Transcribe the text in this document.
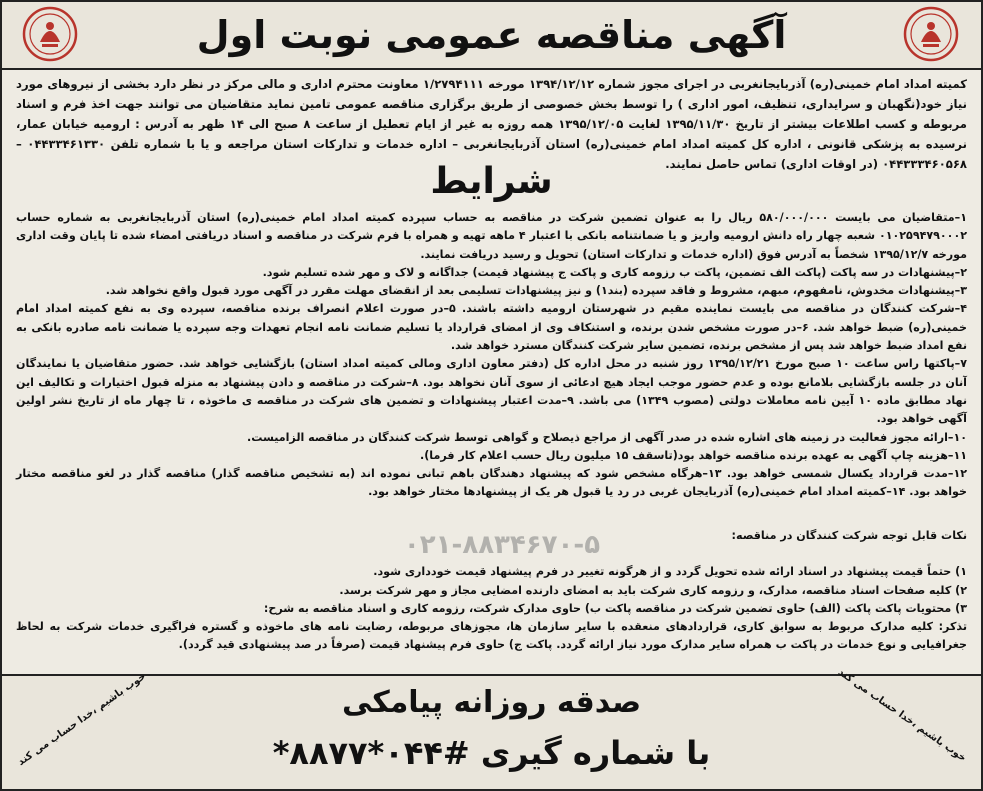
آگهی مناقصه عمومی نوبت اول
کمیته امداد امام خمینی(ره) آذربایجانغربی در اجرای مجوز شماره ۱۳۹۴/۱۲/۱۲ مورخه ۱/۲۷۹۴۱۱۱ معاونت محترم اداری و مالی مرکز در نظر دارد بخشی از نیروهای مورد نیاز خود(نگهبان و سرایداری، تنظیف، امور اداری ) را توسط بخش خصوصی از طریق برگزاری مناقصه عمومی تامین نماید متقاضیان می توانند جهت اخذ فرم و اسناد مربوطه و کسب اطلاعات بیشتر از تاریخ ۱۳۹۵/۱۱/۳۰ لغایت ۱۳۹۵/۱۲/۰۵ همه روزه به غیر از ایام تعطیل از ساعت ۸ صبح الی ۱۴ ظهر به آدرس : ارومیه خیابان عمار، نرسیده به پزشکی قانونی ، اداره کل کمیته امداد امام خمینی(ره) استان آذربایجانغربی – اداره خدمات و تدارکات استان مراجعه و یا با شماره تلفن ۰۴۴۳۳۴۶۱۳۳۰ – ۰۴۴۳۳۳۴۶۰۵۶۸ (در اوقات اداری) تماس حاصل نمایند.
شرایط

۱–متقاضیان می بایست ۵۸۰/۰۰۰/۰۰۰ ریال را به عنوان تضمین شرکت در مناقصه به حساب سپرده کمیته امداد امام خمینی(ره) استان آذربایجانغربی به شماره حساب ۰۱۰۲۵۹۴۷۹۰۰۰۲ شعبه چهار راه دانش ارومیه واریز و یا ضمانتنامه بانکی با اعتبار ۴ ماهه تهیه و همراه با فرم شرکت در مناقصه و اسناد دریافتی امضاء شده تا پایان وقت اداری مورخه ۱۳۹۵/۱۲/۷ شخصاً به آدرس فوق (اداره خدمات و تدارکات استان) تحویل و رسید دریافت نمایند.

۲–پیشنهادات در سه پاکت (پاکت الف تضمین، پاکت ب رزومه کاری و پاکت ج پیشنهاد قیمت) جداگانه و لاک و مهر شده تسلیم شود.

۳–پیشنهادات مخدوش، نامفهوم، مبهم، مشروط و فاقد سپرده (بند۱) و نیز پیشنهادات تسلیمی بعد از انقضای مهلت مقرر در آگهی مورد قبول واقع نخواهد شد.

۴–شرکت کنندگان در مناقصه می بایست نماینده مقیم در شهرستان ارومیه داشته باشند. ۵–در صورت اعلام انصراف برنده مناقصه، سپرده وی به نفع کمیته امداد امام خمینی(ره) ضبط خواهد شد. ۶–در صورت مشخص شدن برنده، و استنکاف وی از امضای قرارداد یا تسلیم ضمانت نامه انجام تعهدات وجه سپرده یا ضمانت نامه صادره بانکی به نفع امداد ضبط خواهد شد پس از مشخص برنده، تضمین سایر شرکت کنندگان مسترد خواهد شد.

۷–پاکتها راس ساعت ۱۰ صبح مورخ ۱۳۹۵/۱۲/۲۱ روز شنبه در محل اداره کل (دفتر معاون اداری ومالی کمیته امداد استان) بازگشایی خواهد شد. حضور متقاضیان یا نمایندگان آنان در جلسه بازگشایی بلامانع بوده و عدم حضور موجب ایجاد هیچ ادعائی از سوی آنان نخواهد بود. ۸–شرکت در مناقصه و دادن پیشنهاد به منزله قبول اختیارات و تکالیف این نهاد مطابق ماده ۱۰ آیین نامه معاملات دولتی (مصوب ۱۳۴۹) می باشد. ۹–مدت اعتبار پیشنهادات و تضمین های شرکت در مناقصه ی ماخوذه ، تا چهار ماه از تاریخ نشر اولین آگهی خواهد بود.

۱۰–ارائه مجوز فعالیت در زمینه های اشاره شده در صدر آگهی از مراجع ذیصلاح و گواهی توسط شرکت کنندگان در مناقصه الزامیست.

۱۱–هزینه چاپ آگهی به عهده برنده مناقصه خواهد بود(تاسقف ۱۵ میلیون ریال حسب اعلام کار فرما).

۱۲–مدت قرارداد یکسال شمسی خواهد بود. ۱۳–هرگاه مشخص شود که پیشنهاد دهندگان باهم تبانی نموده اند (به تشخیص مناقصه گذار) مناقصه گذار در لغو مناقصه مختار خواهد بود. ۱۴–کمیته امداد امام خمینی(ره) آذربایجان غربی در رد یا قبول هر یک از پیشنهادها مختار خواهد بود.

نکات قابل توجه شرکت کنندگان در مناقصه:

۱) حتماً قیمت پیشنهاد در اسناد ارائه شده تحویل گردد و از هرگونه تغییر در فرم پیشنهاد قیمت خودداری شود.

۲) کلیه صفحات اسناد مناقصه، مدارک، و رزومه کاری شرکت باید به امضای دارنده امضایی مجاز و مهر شرکت برسد.

۳) محتویات پاکت پاکت (الف) حاوی تضمین شرکت در مناقصه پاکت ب) حاوی مدارک شرکت، رزومه کاری و اسناد مناقصه به شرح:

تذکر: کلیه مدارک مربوط به سوابق کاری، قراردادهای منعقده با سایر سازمان ها، مجوزهای مربوطه، رضایت نامه های ماخوذه و گستره فراگیری خدمات شرکت به لحاظ جغرافیایی و نوع خدمات در پاکت ب همراه سایر مدارک مورد نیاز ارائه گردد. پاکت ج) حاوی فرم پیشنهاد قیمت (صرفاً در صد پیشنهادی قید گردد).

۰۲۱-۸۸۳۴۶۷۰-۵
خوب باشیم ،خدا حساب می کند	صدقه روزانه پیامکی
با شماره گیری #۰۴۴*۸۸۷۷*	خوب باشیم ،خدا حساب می کند
